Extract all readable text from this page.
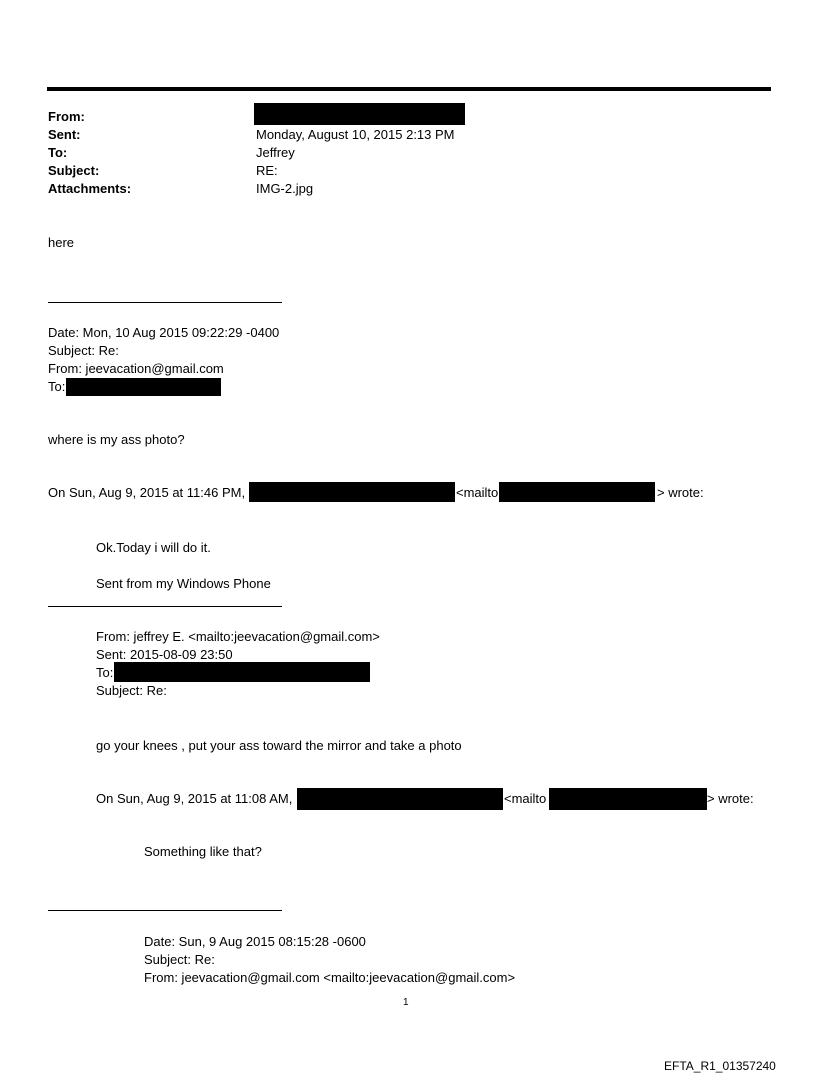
From:
Sent:	Monday, August 10, 2015 2:13 PM
To:	Jeffrey
Subject:	RE:
Attachments:	IMG-2.jpg
here
Date: Mon, 10 Aug 2015 09:22:29 -0400
Subject: Re:
From: jeevacation@gmail.com
To:
where is my ass photo?
On Sun, Aug 9, 2015 at 11:46 PM,	<mailto	> wrote:
Ok.Today i will do it.
Sent from my Windows Phone
From: jeffrey E. <mailto:jeevacation@gmail.com>
Sent: 2015-08-09 23:50
To:
Subject: Re:
go your knees , put your ass toward the mirror and take a photo
On Sun, Aug 9, 2015 at 11:08 AM,	<mailto	> wrote:
Something like that?
Date: Sun, 9 Aug 2015 08:15:28 -0600
Subject: Re:
From: jeevacation@gmail.com <mailto:jeevacation@gmail.com>
1
EFTA_R1_01357240
